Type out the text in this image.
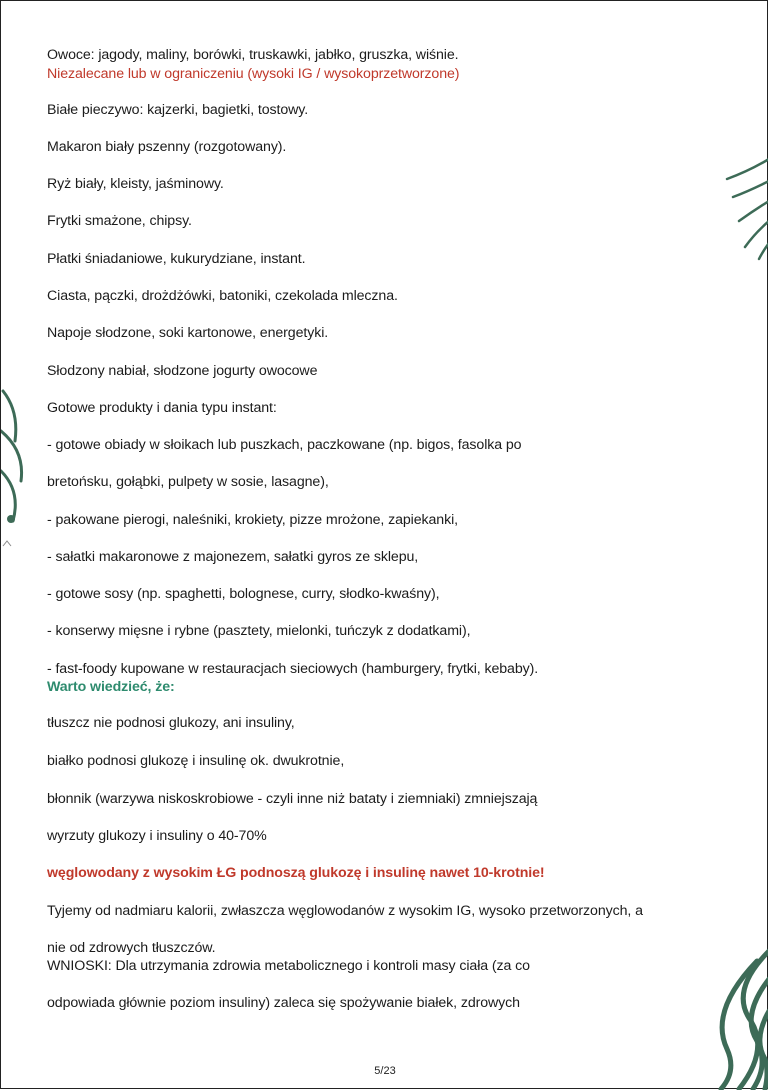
Owoce: jagody, maliny, borówki, truskawki, jabłko, gruszka, wiśnie.
Niezalecane lub w ograniczeniu (wysoki IG / wysokoprzetworzone)
Białe pieczywo: kajzerki, bagietki, tostowy.
Makaron biały pszenny (rozgotowany).
Ryż biały, kleisty, jaśminowy.
Frytki smażone, chipsy.
Płatki śniadaniowe, kukurydziane, instant.
Ciasta, pączki, drożdżówki, batoniki, czekolada mleczna.
Napoje słodzone, soki kartonowe, energetyki.
Słodzony nabiał, słodzone jogurty owocowe
Gotowe produkty i dania typu instant:
- gotowe obiady w słoikach lub puszkach, paczkowane (np. bigos, fasolka po
bretońsku, gołąbki, pulpety w sosie, lasagne),
- pakowane pierogi, naleśniki, krokiety, pizze mrożone, zapiekanki,
- sałatki makaronowe z majonezem, sałatki gyros ze sklepu,
- gotowe sosy (np. spaghetti, bolognese, curry, słodko-kwaśny),
- konserwy mięsne i rybne (pasztety, mielonki, tuńczyk z dodatkami),
- fast-foody kupowane w restauracjach sieciowych (hamburgery, frytki, kebaby).
Warto wiedzieć, że:
tłuszcz nie podnosi glukozy, ani insuliny,
białko podnosi glukozę i insulinę ok. dwukrotnie,
błonnik (warzywa niskoskrobiowe - czyli inne niż bataty i ziemniaki) zmniejszają
wyrzuty glukozy i insuliny o 40-70%
węglowodany z wysokim ŁG podnoszą glukozę i insulinę nawet 10-krotnie!
Tyjemy od nadmiaru kalorii, zwłaszcza węglowodanów z wysokim IG, wysoko przetworzonych, a
nie od zdrowych tłuszczów.
WNIOSKI: Dla utrzymania zdrowia metabolicznego i kontroli masy ciała (za co
odpowiada głównie poziom insuliny) zaleca się spożywanie białek, zdrowych
5/23
